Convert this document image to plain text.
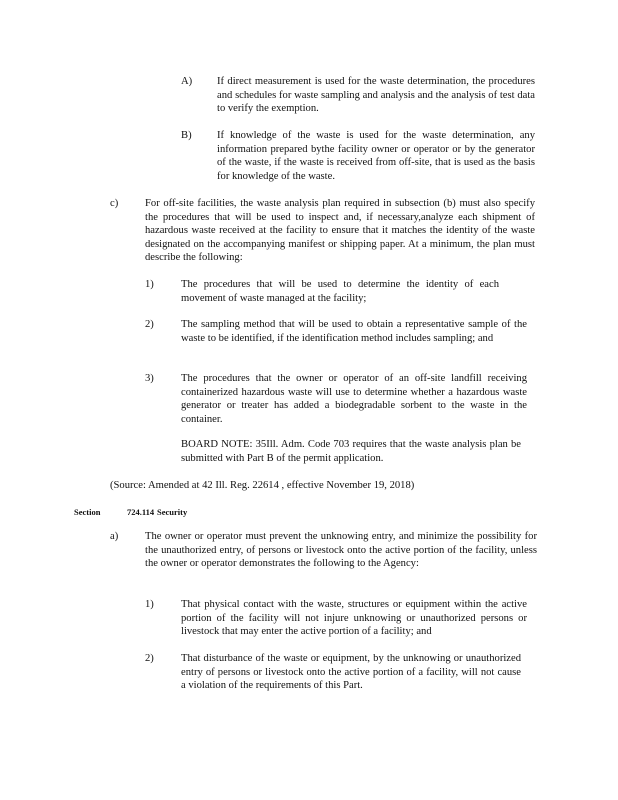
A)	If direct measurement is used for the waste determination, the procedures and schedules for waste sampling and analysis and the analysis of test data to verify the exemption.
B)	If knowledge of the waste is used for the waste determination, any information prepared bythe facility owner or operator or by the generator of the waste, if the waste is received from off-site, that is used as the basis for knowledge of the waste.
c)	For off-site facilities, the waste analysis plan required in subsection (b) must also specify the procedures that will be used to inspect and, if necessary,analyze each shipment of hazardous waste received at the facility to ensure that it matches the identity of the waste designated on the accompanying manifest or shipping paper. At a minimum, the plan must describe the following:
1)	The procedures that will be used to determine the identity of each movement of waste managed at the facility;
2)	The sampling method that will be used to obtain a representative sample of the waste to be identified, if the identification method includes sampling; and
3)	The procedures that the owner or operator of an off-site landfill receiving containerized hazardous waste will use to determine whether a hazardous waste generator or treater has added a biodegradable sorbent to the waste in the container.
BOARD NOTE: 35Ill. Adm. Code 703 requires that the waste analysis plan be submitted with Part B of the permit application.
(Source: Amended at 42 Ill. Reg. 22614 , effective November 19, 2018)
Section	724.114 Security
a)	The owner or operator must prevent the unknowing entry, and minimize the possibility for the unauthorized entry, of persons or livestock onto the active portion of the facility, unless the owner or operator demonstrates the following to the Agency:
1)	That physical contact with the waste, structures or equipment within the active portion of the facility will not injure unknowing or unauthorized persons or livestock that may enter the active portion of a facility; and
2)	That disturbance of the waste or equipment, by the unknowing or unauthorized entry of persons or livestock onto the active portion of a facility, will not cause a violation of the requirements of this Part.
